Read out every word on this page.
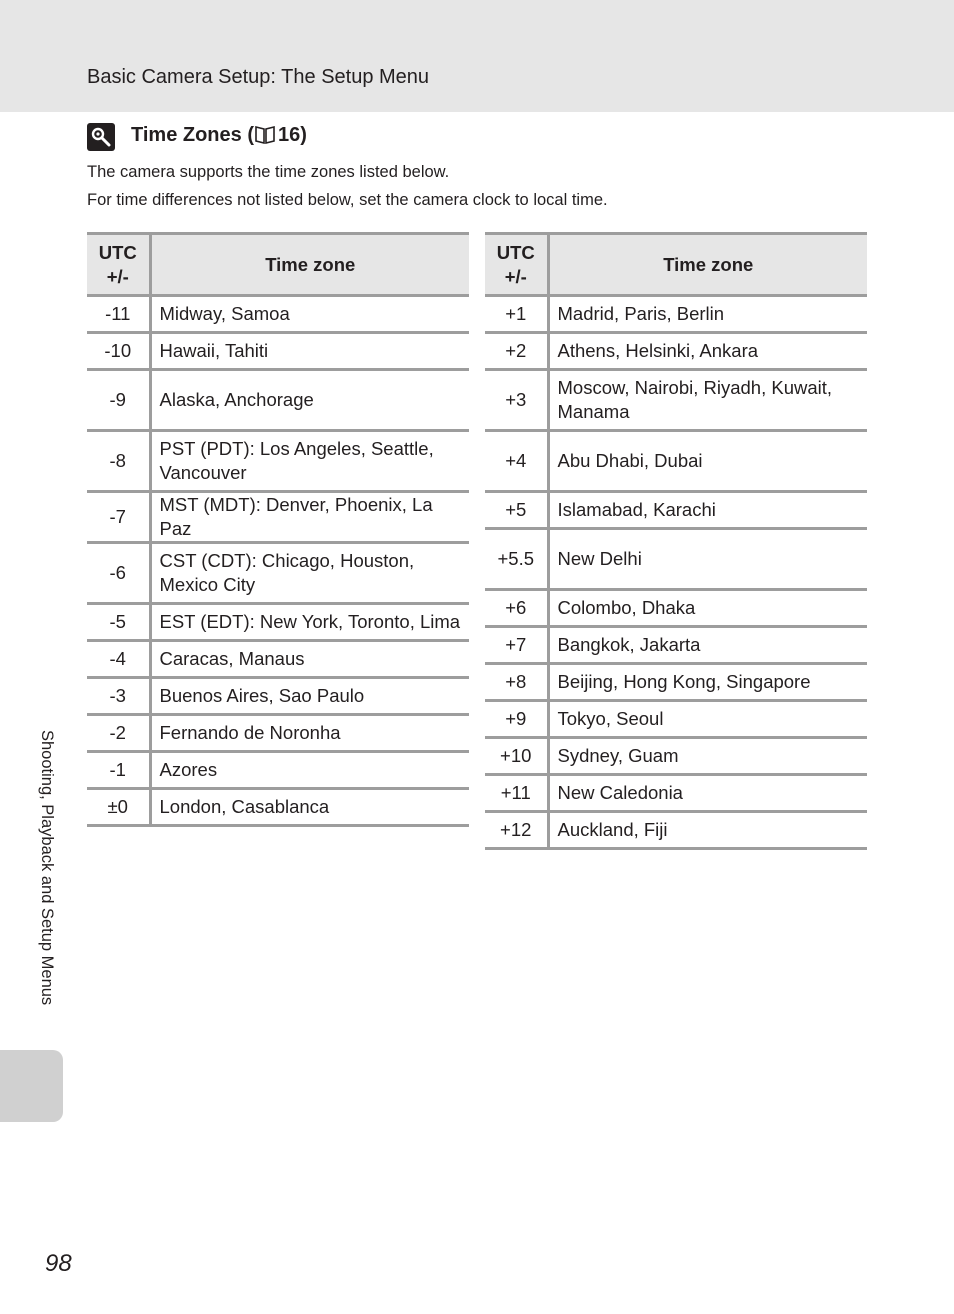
Basic Camera Setup: The Setup Menu
Time Zones ( 16)
The camera supports the time zones listed below.
For time differences not listed below, set the camera clock to local time.
UTC
+/-	Time zone
-11	Midway, Samoa
-10	Hawaii, Tahiti
-9	Alaska, Anchorage
-8	PST (PDT): Los Angeles, Seattle, Vancouver
-7	MST (MDT): Denver, Phoenix, La Paz
-6	CST (CDT): Chicago, Houston, Mexico City
-5	EST (EDT): New York, Toronto, Lima
-4	Caracas, Manaus
-3	Buenos Aires, Sao Paulo
-2	Fernando de Noronha
-1	Azores
±0	London, Casablanca
UTC
+/-	Time zone
+1	Madrid, Paris, Berlin
+2	Athens, Helsinki, Ankara
+3	Moscow, Nairobi, Riyadh, Kuwait, Manama
+4	Abu Dhabi, Dubai
+5	Islamabad, Karachi
+5.5	New Delhi
+6	Colombo, Dhaka
+7	Bangkok, Jakarta
+8	Beijing, Hong Kong, Singapore
+9	Tokyo, Seoul
+10	Sydney, Guam
+11	New Caledonia
+12	Auckland, Fiji
Shooting, Playback and Setup Menus
98
